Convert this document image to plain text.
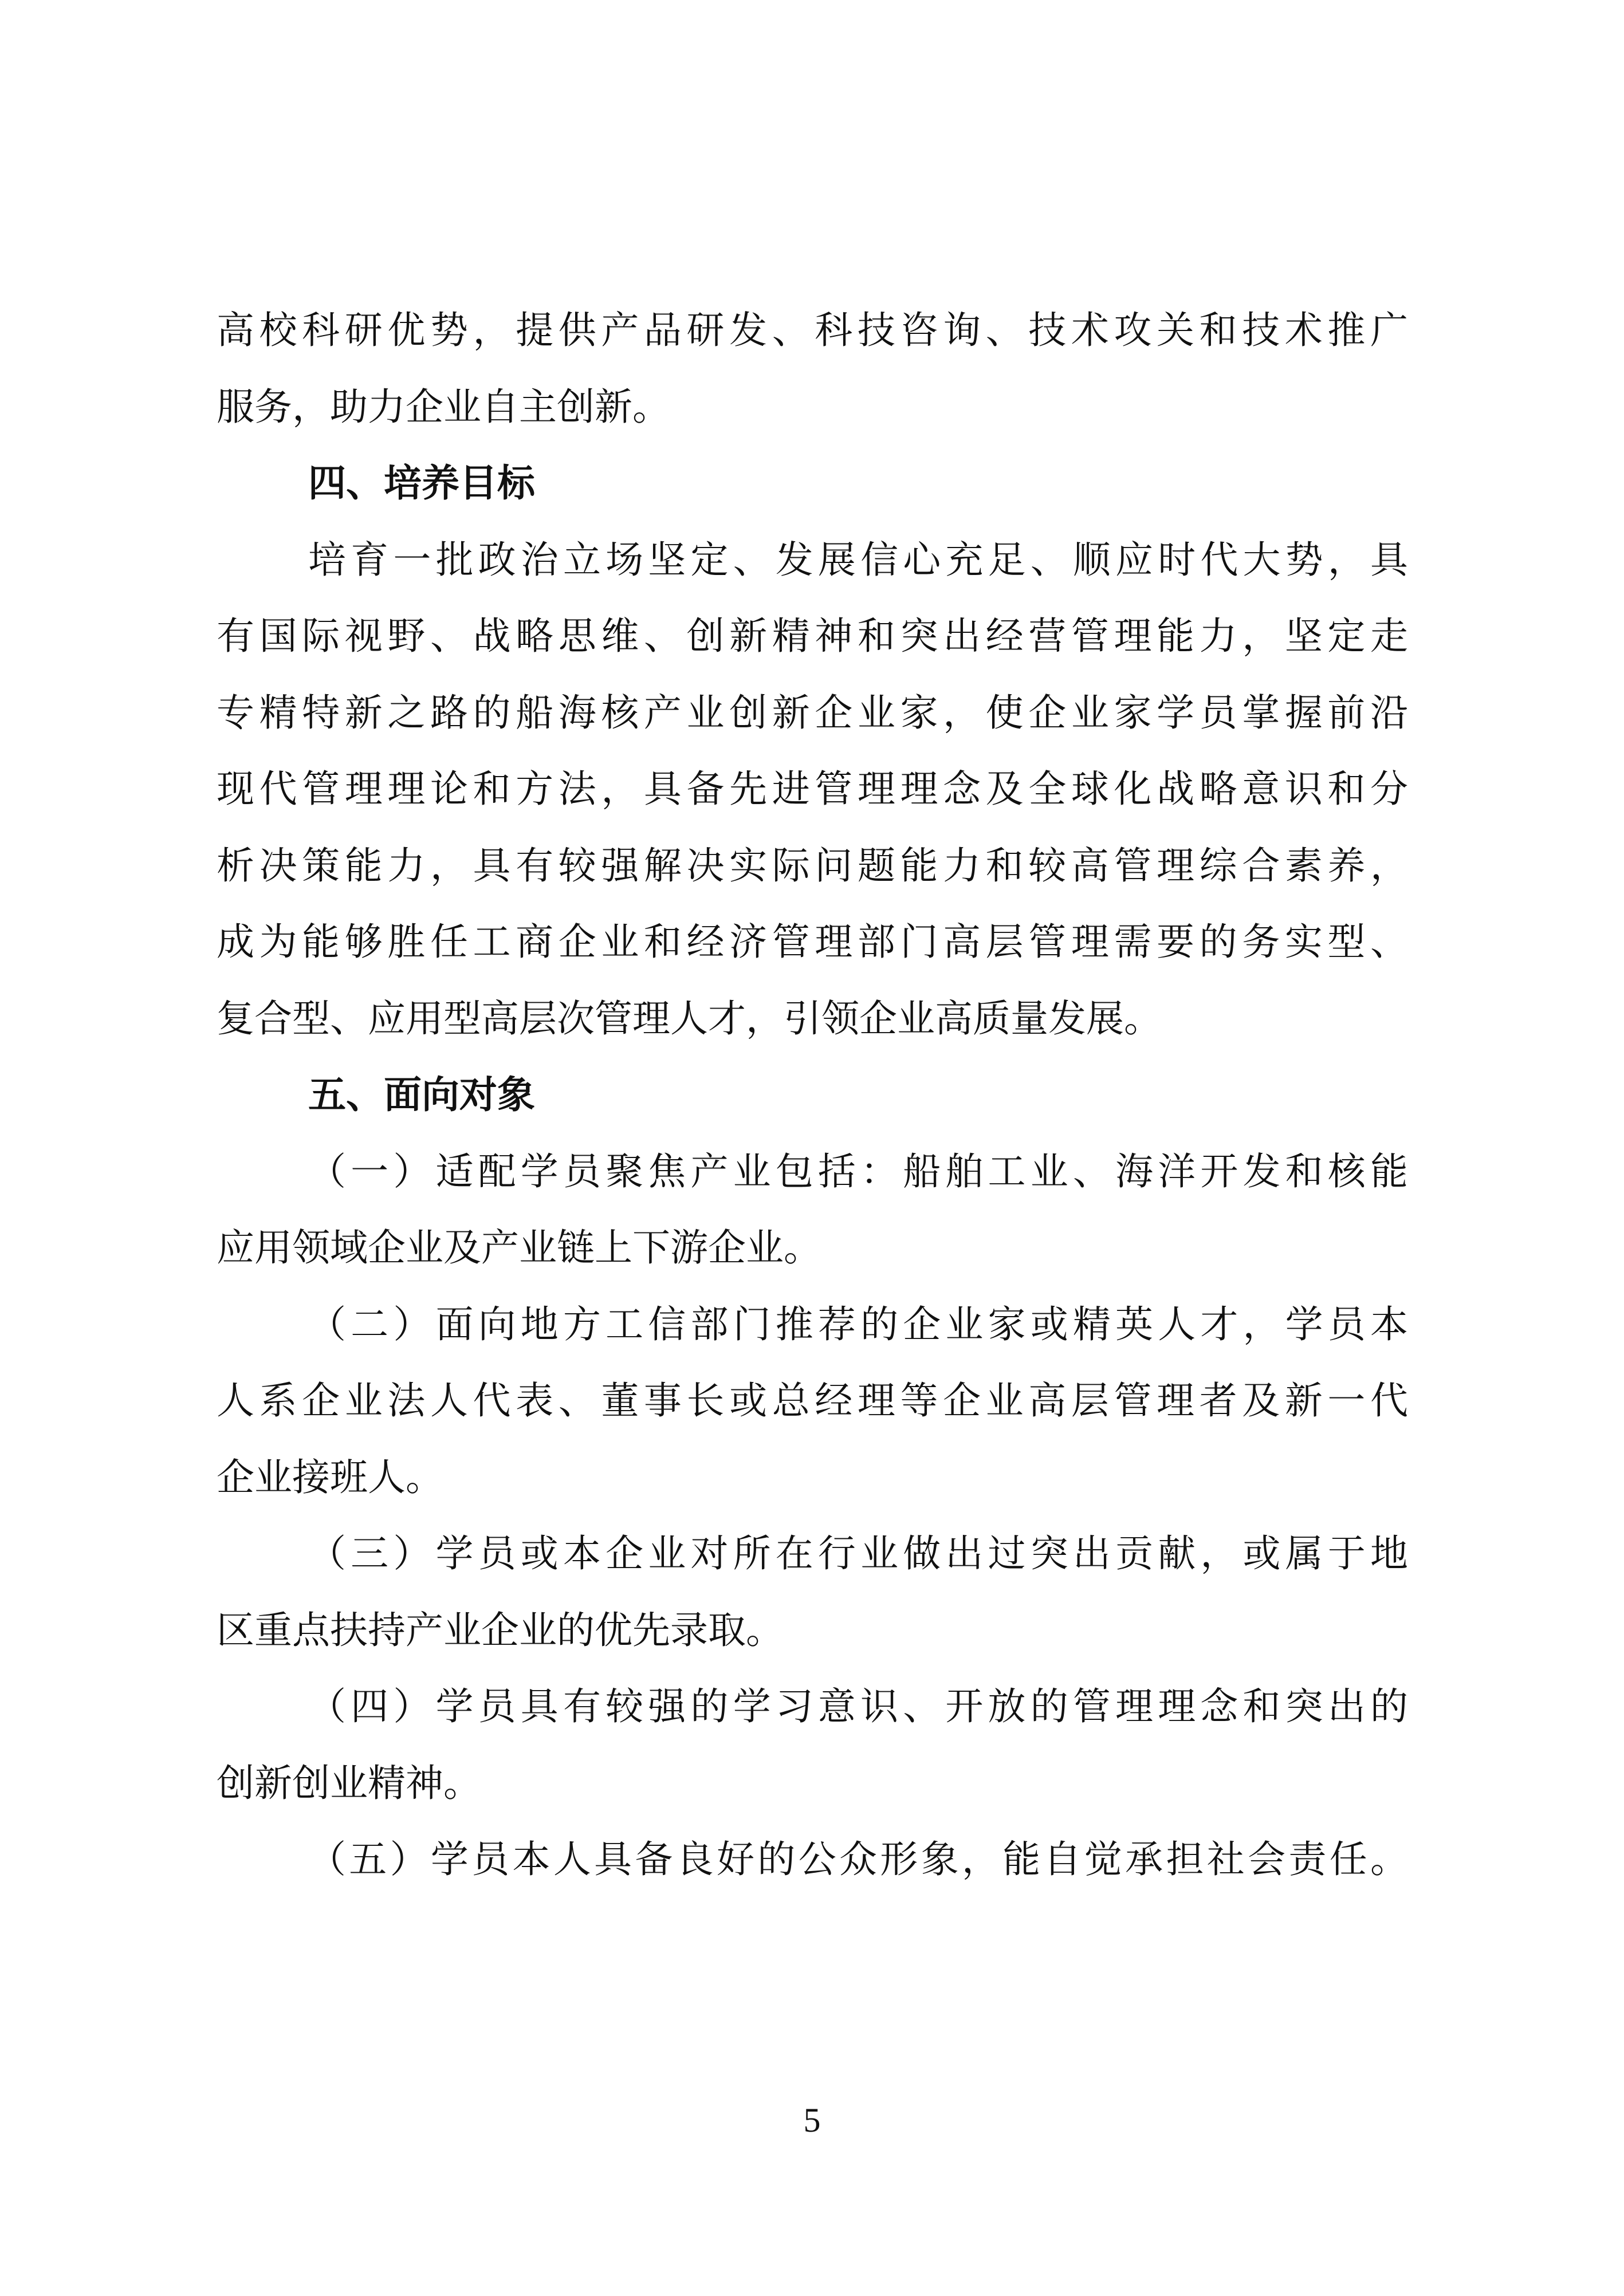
高校科研优势，提供产品研发、科技咨询、技术攻关和技术推广
服务，助力企业自主创新。
四、培养目标
培育一批政治立场坚定、发展信心充足、顺应时代大势，具
有国际视野、战略思维、创新精神和突出经营管理能力，坚定走
专精特新之路的船海核产业创新企业家，使企业家学员掌握前沿
现代管理理论和方法，具备先进管理理念及全球化战略意识和分
析决策能力，具有较强解决实际问题能力和较高管理综合素养，
成为能够胜任工商企业和经济管理部门高层管理需要的务实型、
复合型、应用型高层次管理人才，引领企业高质量发展。
五、面向对象
（一）适配学员聚焦产业包括：船舶工业、海洋开发和核能
应用领域企业及产业链上下游企业。
（二）面向地方工信部门推荐的企业家或精英人才，学员本
人系企业法人代表、董事长或总经理等企业高层管理者及新一代
企业接班人。
（三）学员或本企业对所在行业做出过突出贡献，或属于地
区重点扶持产业企业的优先录取。
（四）学员具有较强的学习意识、开放的管理理念和突出的
创新创业精神。
（五）学员本人具备良好的公众形象，能自觉承担社会责任。
5
